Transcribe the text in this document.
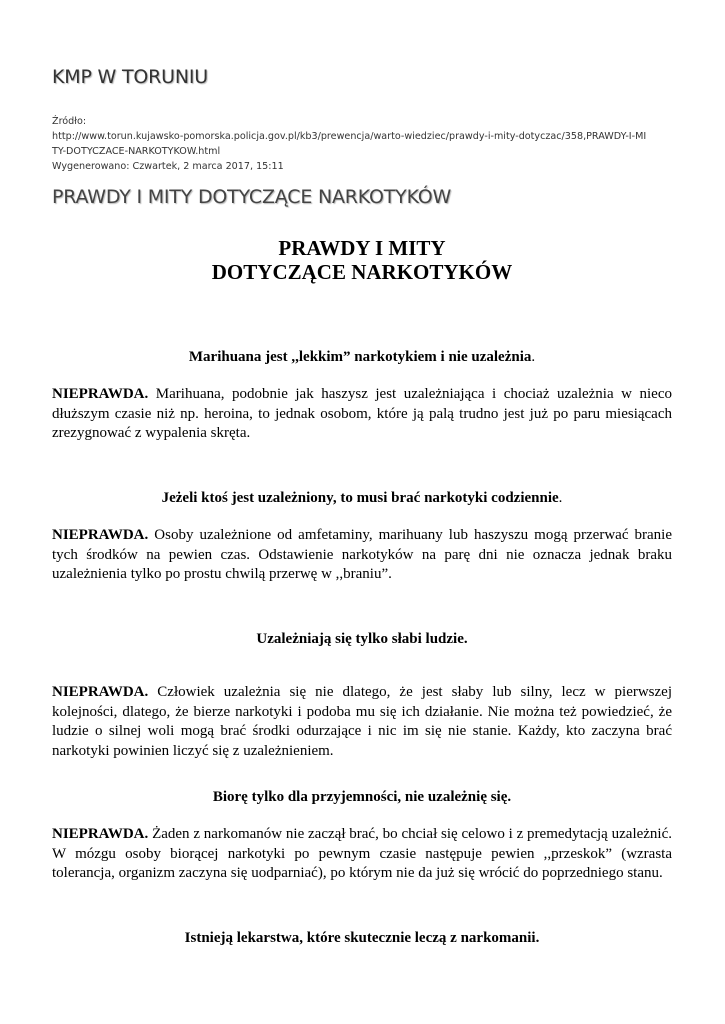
KMP W TORUNIU
Źródło:
http://www.torun.kujawsko-pomorska.policja.gov.pl/kb3/prewencja/warto-wiedziec/prawdy-i-mity-dotyczac/358,PRAWDY-I-MI
TY-DOTYCZACE-NARKOTYKOW.html
Wygenerowano: Czwartek, 2 marca 2017, 15:11
PRAWDY I MITY DOTYCZĄCE NARKOTYKÓW
PRAWDY I MITY
DOTYCZĄCE NARKOTYKÓW
Marihuana jest ,,lekkim” narkotykiem i nie uzależnia.
NIEPRAWDA. Marihuana, podobnie jak haszysz jest uzależniająca i chociaż uzależnia w nieco dłuższym czasie niż np. heroina, to jednak osobom, które ją palą trudno jest już po paru miesiącach zrezygnować z wypalenia skręta.
Jeżeli ktoś jest uzależniony, to musi brać narkotyki codziennie.
NIEPRAWDA. Osoby uzależnione od amfetaminy, marihuany lub haszyszu mogą przerwać branie tych środków na pewien czas. Odstawienie narkotyków na parę dni nie oznacza jednak braku uzależnienia tylko po prostu chwilą przerwę w ,,braniu”.
Uzależniają się tylko słabi ludzie.
NIEPRAWDA. Człowiek uzależnia się nie dlatego, że jest słaby lub silny, lecz w pierwszej kolejności, dlatego, że bierze narkotyki i podoba mu się ich działanie. Nie można też powiedzieć, że ludzie o silnej woli mogą brać środki odurzające i nic im się nie stanie. Każdy, kto zaczyna brać narkotyki powinien liczyć się z uzależnieniem.
Biorę tylko dla przyjemności, nie uzależnię się.
NIEPRAWDA. Żaden z narkomanów nie zaczął brać, bo chciał się celowo i z premedytacją uzależnić. W mózgu osoby biorącej narkotyki po pewnym czasie następuje pewien ,,przeskok” (wzrasta tolerancja, organizm zaczyna się uodparniać), po którym nie da już się wrócić do poprzedniego stanu.
Istnieją lekarstwa, które skutecznie leczą z narkomanii.
